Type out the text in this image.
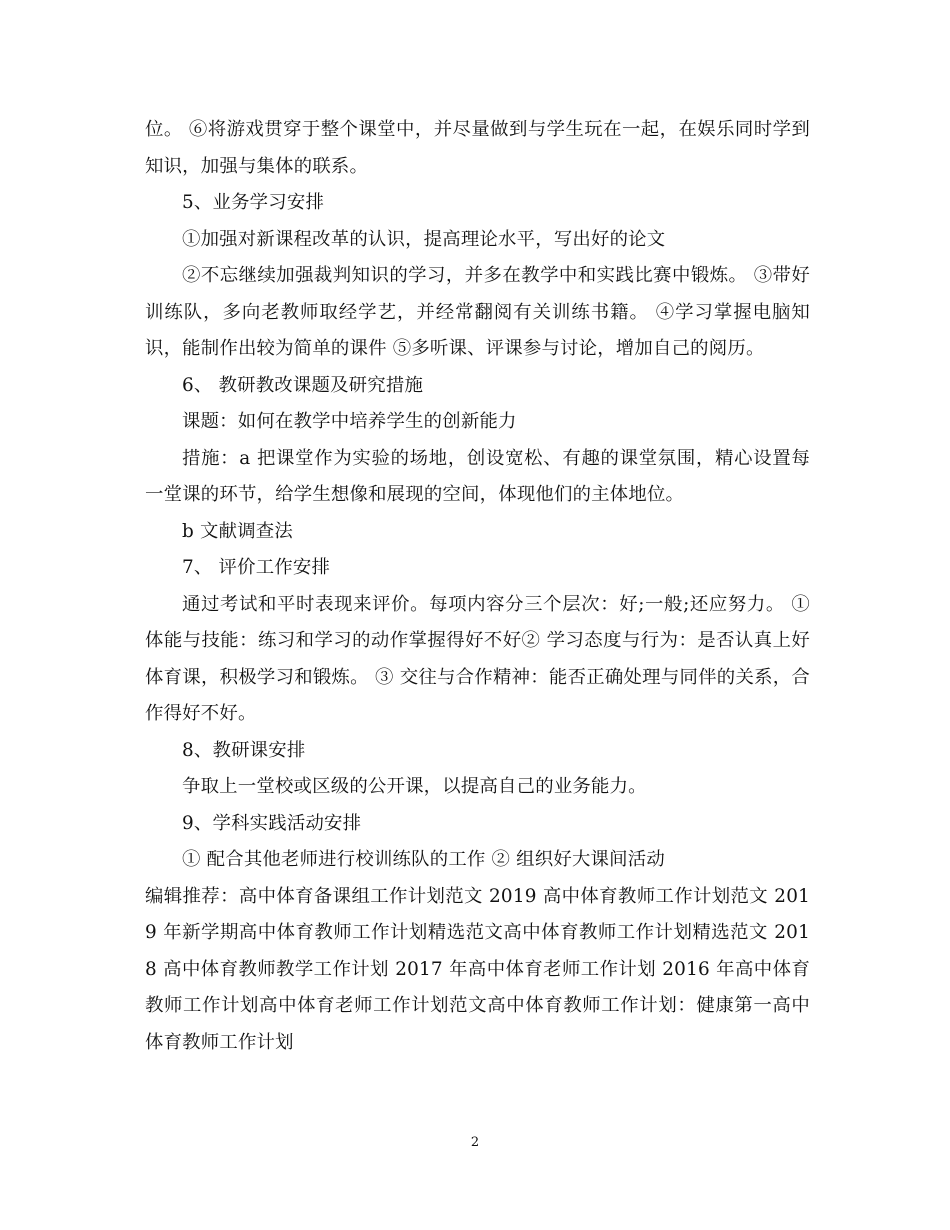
位。 ⑥将游戏贯穿于整个课堂中，并尽量做到与学生玩在一起，在娱乐同时学到知识，加强与集体的联系。

5、业务学习安排

①加强对新课程改革的认识，提高理论水平，写出好的论文

②不忘继续加强裁判知识的学习，并多在教学中和实践比赛中锻炼。 ③带好训练队，多向老教师取经学艺，并经常翻阅有关训练书籍。 ④学习掌握电脑知识，能制作出较为简单的课件 ⑤多听课、评课参与讨论，增加自己的阅历。

6、 教研教改课题及研究措施

课题：如何在教学中培养学生的创新能力

措施：a 把课堂作为实验的场地，创设宽松、有趣的课堂氛围，精心设置每一堂课的环节，给学生想像和展现的空间，体现他们的主体地位。

b 文献调查法

7、 评价工作安排

通过考试和平时表现来评价。每项内容分三个层次：好;一般;还应努力。 ①体能与技能：练习和学习的动作掌握得好不好② 学习态度与行为：是否认真上好体育课，积极学习和锻炼。 ③ 交往与合作精神：能否正确处理与同伴的关系，合作得好不好。

8、教研课安排

争取上一堂校或区级的公开课，以提高自己的业务能力。

9、学科实践活动安排

① 配合其他老师进行校训练队的工作 ② 组织好大课间活动

编辑推荐：高中体育备课组工作计划范文 2019 高中体育教师工作计划范文 2019 年新学期高中体育教师工作计划精选范文高中体育教师工作计划精选范文 2018 高中体育教师教学工作计划 2017 年高中体育老师工作计划 2016 年高中体育教师工作计划高中体育老师工作计划范文高中体育教师工作计划：健康第一高中体育教师工作计划

2
